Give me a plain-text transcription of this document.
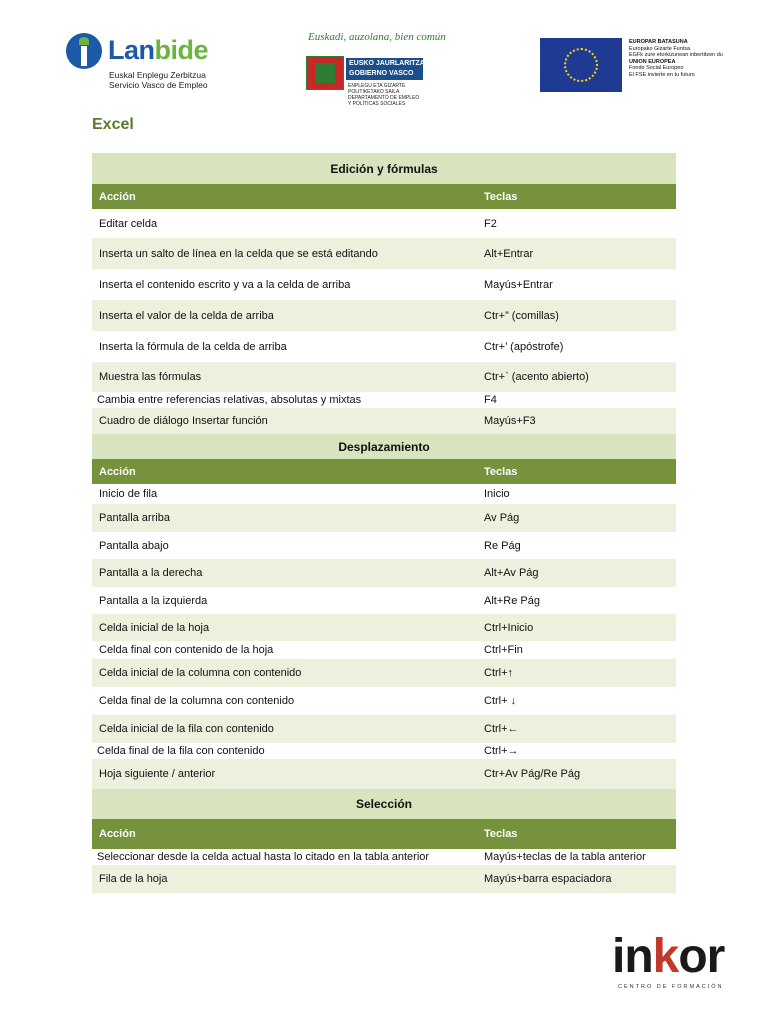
Lanbide
Euskal Enplegu Zerbitzua
Servicio Vasco de Empleo
Euskadi, auzolana, bien común
EUSKO JAURLARITZA
GOBIERNO VASCO
ENPLEGU ETA GIZARTE
POLITIKETAKO SAILA
DEPARTAMENTO DE EMPLEO
Y POLÍTICAS SOCIALES
EUROPAR BATASUNA
Europako Gizarte Funtsa
EGFk zure etorkizunean inbertitzen du
UNION EUROPEA
Fondo Social Europeo
El FSE invierte en tu futuro
Excel
Edición y fórmulas	
Acción	Teclas
Editar celda	F2
Inserta un salto de línea en la celda que se está editando	Alt+Entrar
Inserta el contenido escrito y va a la celda de arriba	Mayús+Entrar
Inserta el valor de la celda de arriba	Ctr+” (comillas)
Inserta la fórmula de la celda de arriba	Ctr+’ (apóstrofe)
Muestra las fórmulas	Ctr+` (acento abierto)
Cambia entre referencias relativas, absolutas y mixtas	F4
Cuadro de diálogo Insertar función	Mayús+F3
Desplazamiento	
Acción	Teclas
Inicio de fila	Inicio
Pantalla arriba	Av Pág
Pantalla abajo	Re Pág
Pantalla a la derecha	Alt+Av Pág
Pantalla a la izquierda	Alt+Re Pág
Celda inicial de la hoja	Ctrl+Inicio
Celda final con contenido de la hoja	Ctrl+Fin
Celda inicial de la columna con contenido	Ctrl+↑
Celda final de la columna con contenido	Ctrl+ ↓
Celda inicial de la fila con contenido	Ctrl+←
Celda final de la fila con contenido	Ctrl+→
Hoja siguiente / anterior	Ctr+Av Pág/Re Pág
Selección	
Acción	Teclas
Seleccionar desde la celda actual hasta lo citado en la tabla anterior	Mayús+teclas de la tabla anterior
Fila de la hoja	Mayús+barra espaciadora
inkor
CENTRO DE FORMACIÓN
